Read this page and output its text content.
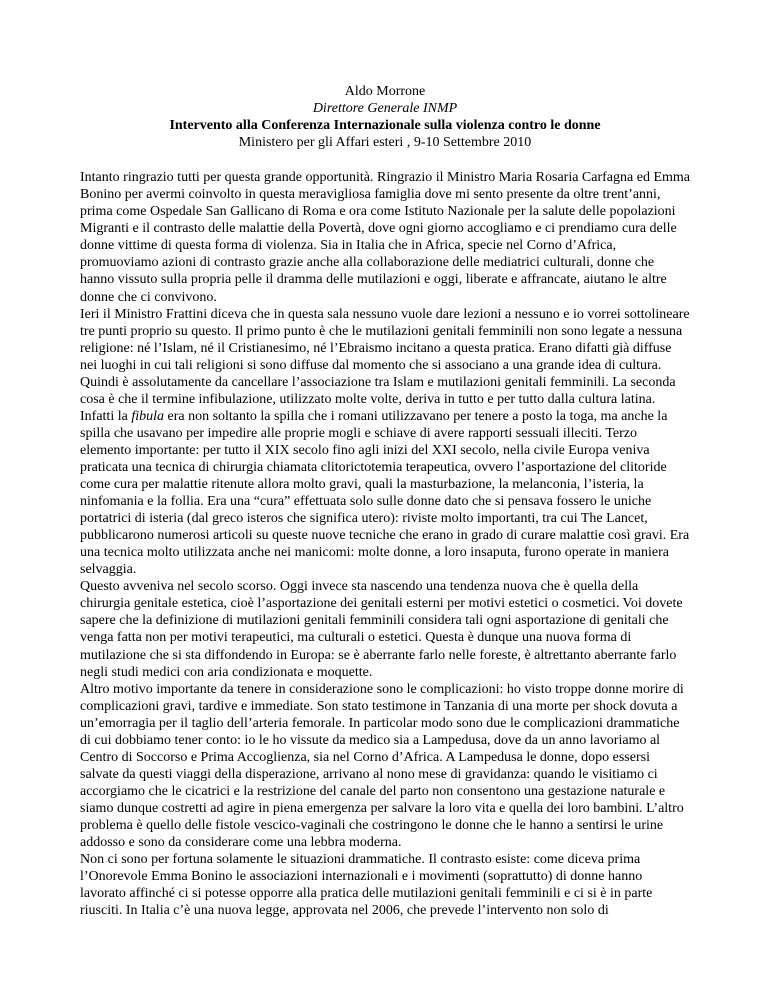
Aldo Morrone
Direttore Generale INMP
Intervento alla Conferenza Internazionale sulla violenza contro le donne
Ministero per gli Affari esteri , 9-10 Settembre 2010

Intanto ringrazio tutti per questa grande opportunità. Ringrazio il Ministro Maria Rosaria Carfagna ed Emma Bonino per avermi coinvolto in questa meravigliosa famiglia dove mi sento presente da oltre trent’anni, prima come Ospedale San Gallicano di Roma e ora come Istituto Nazionale per la salute delle popolazioni Migranti e il contrasto delle malattie della Povertà, dove ogni giorno accogliamo e ci prendiamo cura delle donne vittime di questa forma di violenza. Sia in Italia che in Africa, specie nel Corno d’Africa, promuoviamo azioni di contrasto grazie anche alla collaborazione delle mediatrici culturali, donne che hanno vissuto sulla propria pelle il dramma delle mutilazioni e oggi, liberate e affrancate, aiutano le altre donne che ci convivono.

Ieri il Ministro Frattini diceva che in questa sala nessuno vuole dare lezioni a nessuno e io vorrei sottolineare tre punti proprio su questo. Il primo punto è che le mutilazioni genitali femminili non sono legate a nessuna religione: né l’Islam, né il Cristianesimo, né l’Ebraismo incitano a questa pratica. Erano difatti già diffuse nei luoghi in cui tali religioni si sono diffuse dal momento che si associano a una grande idea di cultura. Quindi è assolutamente da cancellare l’associazione tra Islam e mutilazioni genitali femminili. La seconda cosa è che il termine infibulazione, utilizzato molte volte, deriva in tutto e per tutto dalla cultura latina. Infatti la fibula era non soltanto la spilla che i romani utilizzavano per tenere a posto la toga, ma anche la spilla che usavano per impedire alle proprie mogli e schiave di avere rapporti sessuali illeciti. Terzo elemento importante: per tutto il XIX secolo fino agli inizi del XXI secolo, nella civile Europa veniva praticata una tecnica di chirurgia chiamata clitorictotemia terapeutica, ovvero l’asportazione del clitoride come cura per malattie ritenute allora molto gravi, quali la masturbazione, la melanconia, l’isteria, la ninfomania e la follia. Era una “cura” effettuata solo sulle donne dato che si pensava fossero le uniche portatrici di isteria (dal greco isteros che significa utero): riviste molto importanti, tra cui The Lancet, pubblicarono numerosi articoli su queste nuove tecniche che erano in grado di curare malattie così gravi. Era una tecnica molto utilizzata anche nei manicomi: molte donne, a loro insaputa, furono operate in maniera selvaggia.

Questo avveniva nel secolo scorso. Oggi invece sta nascendo una tendenza nuova che è quella della chirurgia genitale estetica, cioè l’asportazione dei genitali esterni per motivi estetici o cosmetici. Voi dovete sapere che la definizione di mutilazioni genitali femminili considera tali ogni asportazione di genitali che venga fatta non per motivi terapeutici, ma culturali o estetici. Questa è dunque una nuova forma di mutilazione che si sta diffondendo in Europa: se è aberrante farlo nelle foreste, è altrettanto aberrante farlo negli studi medici con aria condizionata e moquette.

Altro motivo importante da tenere in considerazione sono le complicazioni: ho visto troppe donne morire di complicazioni gravi, tardive e immediate. Son stato testimone in Tanzania di una morte per shock dovuta a un’emorragia per il taglio dell’arteria femorale. In particolar modo sono due le complicazioni drammatiche di cui dobbiamo tener conto: io le ho vissute da medico sia a Lampedusa, dove da un anno lavoriamo al Centro di Soccorso e Prima Accoglienza, sia nel Corno d’Africa. A Lampedusa le donne, dopo essersi salvate da questi viaggi della disperazione, arrivano al nono mese di gravidanza: quando le visitiamo ci accorgiamo che le cicatrici e la restrizione del canale del parto non consentono una gestazione naturale e siamo dunque costretti ad agire in piena emergenza per salvare la loro vita e quella dei loro bambini. L’altro problema è quello delle fistole vescico-vaginali che costringono le donne che le hanno a sentirsi le urine addosso e sono da considerare come una lebbra moderna.

Non ci sono per fortuna solamente le situazioni drammatiche. Il contrasto esiste: come diceva prima l’Onorevole Emma Bonino le associazioni internazionali e i movimenti (soprattutto) di donne hanno lavorato affinché ci si potesse opporre alla pratica delle mutilazioni genitali femminili e ci si è in parte riusciti. In Italia c’è una nuova legge, approvata nel 2006, che prevede l’intervento non solo di
